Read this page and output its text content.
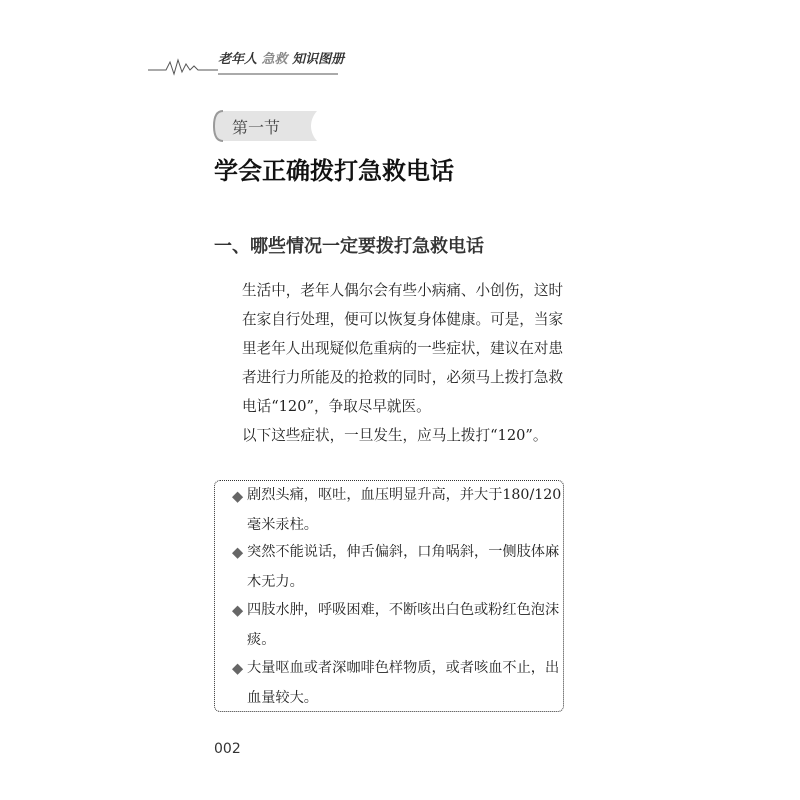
老年人 急救 知识图册
第一节
学会正确拨打急救电话
一、哪些情况一定要拨打急救电话

生活中，老年人偶尔会有些小病痛、小创伤，这时在家自行处理，便可以恢复身体健康。可是，当家里老年人出现疑似危重病的一些症状，建议在对患者进行力所能及的抢救的同时，必须马上拨打急救电话“120”，争取尽早就医。

以下这些症状，一旦发生，应马上拨打“120”。

◆ 剧烈头痛，呕吐，血压明显升高，并大于180/120毫米汞柱。
◆ 突然不能说话，伸舌偏斜，口角㖞斜，一侧肢体麻木无力。
◆ 四肢水肿，呼吸困难，不断咳出白色或粉红色泡沫痰。
◆ 大量呕血或者深咖啡色样物质，或者咳血不止，出血量较大。
002
